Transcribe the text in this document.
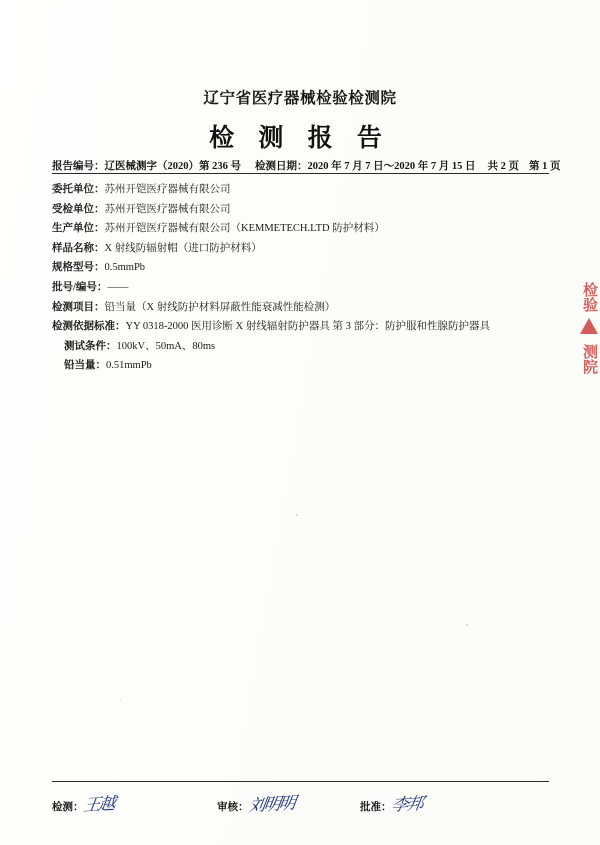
辽宁省医疗器械检验检测院
检 测 报 告
报告编号：辽医械测字（2020）第 236 号 检测日期：2020 年 7 月 7 日～2020 年 7 月 15 日 共 2 页 第 1 页
委托单位：苏州开铠医疗器械有限公司
受检单位：苏州开铠医疗器械有限公司
生产单位：苏州开铠医疗器械有限公司（KEMMETECH.LTD 防护材料）
样品名称：X 射线防辐射帽（进口防护材料）
规格型号：0.5mmPb
批号/编号：——
检测项目：铅当量（X 射线防护材料屏蔽性能衰减性能检测）
检测依据标准：YY 0318-2000 医用诊断 X 射线辐射防护器具 第 3 部分：防护服和性腺防护器具
测试条件：100kV、50mA、80ms
铅当量：0.51mmPb
检验
测院
检测：王越	审核：刘明明	批准：李邦
